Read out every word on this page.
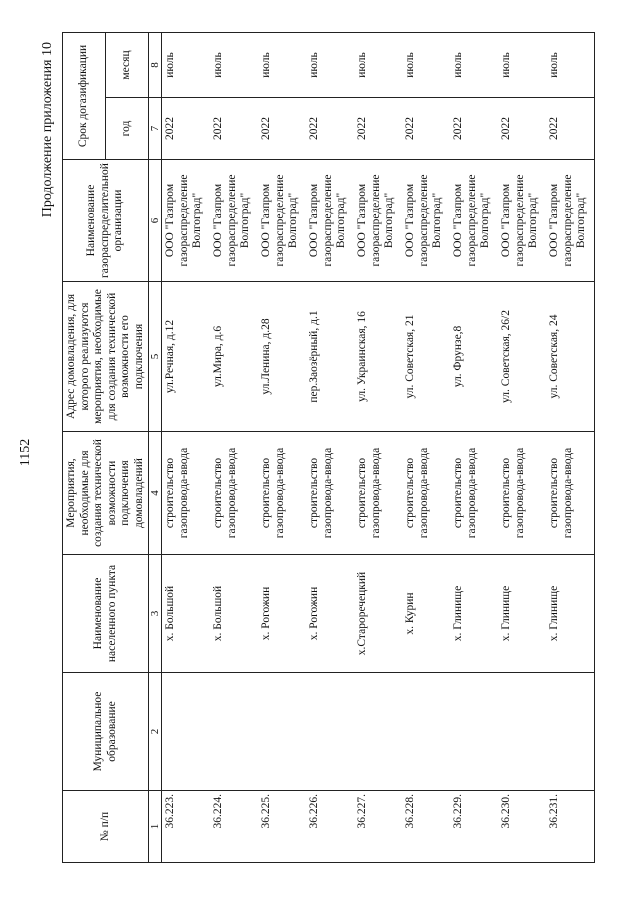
1152
Продолжение приложения 10
№ п/п	Муниципальное образование	Наименование населенного пункта	Мероприятия, необходимые для создания технической возможности подключения домовладений	Адрес домовладения, для которого реализуются мероприятия, необходимые для создания технической возможности его подключения	Наименование газораспределительной организации	Срок догазификации	
						год	месяц
1	2	3	4	5	6	7	8
36.223.		х. Большой	строительство газопровода-ввода	ул.Речная, д.12	ООО "Газпром газораспределение Волгоград"	2022	июль
36.224.		х. Большой	строительство газопровода-ввода	ул.Мира, д.6	ООО "Газпром газораспределение Волгоград"	2022	июль
36.225.		х. Рогожин	строительство газопровода-ввода	ул.Ленина, д.28	ООО "Газпром газораспределение Волгоград"	2022	июль
36.226.		х. Рогожин	строительство газопровода-ввода	пер.Заозёрный, д.1	ООО "Газпром газораспределение Волгоград"	2022	июль
36.227.		х.Староречецкий	строительство газопровода-ввода	ул. Украинская, 16	ООО "Газпром газораспределение Волгоград"	2022	июль
36.228.		х. Курин	строительство газопровода-ввода	ул. Советская, 21	ООО "Газпром газораспределение Волгоград"	2022	июль
36.229.		х. Глинище	строительство газопровода-ввода	ул. Фрунзе,8	ООО "Газпром газораспределение Волгоград"	2022	июль
36.230.		х. Глинище	строительство газопровода-ввода	ул. Советская, 26/2	ООО "Газпром газораспределение Волгоград"	2022	июль
36.231.		х. Глинище	строительство газопровода-ввода	ул. Советская, 24	ООО "Газпром газораспределение Волгоград"	2022	июль
